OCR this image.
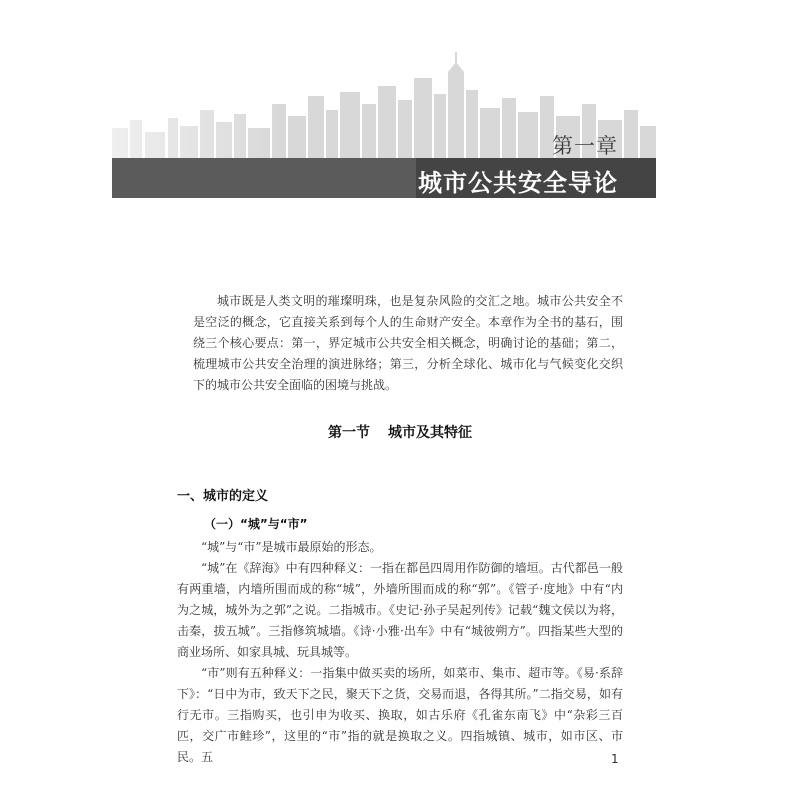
第一章
城市公共安全导论
城市既是人类文明的璀璨明珠，也是复杂风险的交汇之地。城市公共安全不是空泛的概念，它直接关系到每个人的生命财产安全。本章作为全书的基石，围绕三个核心要点：第一，界定城市公共安全相关概念，明确讨论的基础；第二，梳理城市公共安全治理的演进脉络；第三，分析全球化、城市化与气候变化交织下的城市公共安全面临的困境与挑战。
第一节 城市及其特征
一、城市的定义
（一）“城”与“市”

“城”与“市”是城市最原始的形态。

“城”在《辞海》中有四种释义：一指在都邑四周用作防御的墙垣。古代都邑一般有两重墙，内墙所围而成的称“城”，外墙所围而成的称“郭”。《管子·度地》中有“内为之城，城外为之郭”之说。二指城市。《史记·孙子吴起列传》记载“魏文侯以为将，击秦，拔五城”。三指修筑城墙。《诗·小雅·出车》中有“城彼朔方”。四指某些大型的商业场所、如家具城、玩具城等。

“市”则有五种释义：一指集中做买卖的场所，如菜市、集市、超市等。《易·系辞下》：“日中为市，致天下之民，聚天下之货，交易而退，各得其所。”二指交易，如有行无市。三指购买，也引申为收买、换取，如古乐府《孔雀东南飞》中“杂彩三百匹，交广市鲑珍”，这里的“市”指的就是换取之义。四指城镇、城市，如市区、市民。五	1
